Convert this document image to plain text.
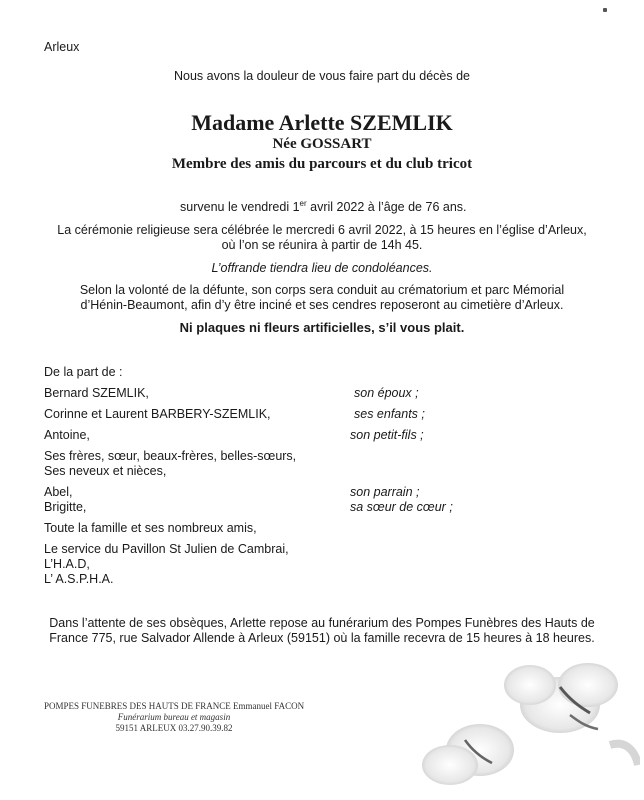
Arleux
Nous avons la douleur de vous faire part du décès de
Madame Arlette SZEMLIK
Née GOSSART
Membre des amis du parcours et du club tricot
survenu le vendredi 1er avril 2022 à l’âge de 76 ans.
La cérémonie religieuse sera célébrée le mercredi 6 avril 2022, à 15 heures en l’église d’Arleux,
où l’on se réunira à partir de 14h 45.
L’offrande tiendra lieu de condoléances.
Selon la volonté de la défunte, son corps sera conduit au crématorium et parc Mémorial
d’Hénin-Beaumont, afin d’y être inciné et ses cendres reposeront au cimetière d’Arleux.
Ni plaques ni fleurs artificielles, s’il vous plait.
De la part de :
Bernard SZEMLIK,	son époux ;
Corinne et Laurent BARBERY-SZEMLIK,	ses enfants ;
Antoine,	son petit-fils ;
Ses frères, sœur, beaux-frères, belles-sœurs,
Ses neveux et nièces,
Abel,	son parrain ;
Brigitte,	sa sœur de cœur ;
Toute la famille et ses nombreux amis,
Le service du Pavillon St Julien de Cambrai,
L’H.A.D,
L’ A.S.P.H.A.
Dans l’attente de ses obsèques, Arlette repose au funérarium des Pompes Funèbres des Hauts de
France 775, rue Salvador Allende à Arleux (59151) où la famille recevra de 15 heures à 18 heures.
POMPES FUNEBRES DES HAUTS DE FRANCE Emmanuel FACON
Funérarium bureau et magasin
59151 ARLEUX 03.27.90.39.82
